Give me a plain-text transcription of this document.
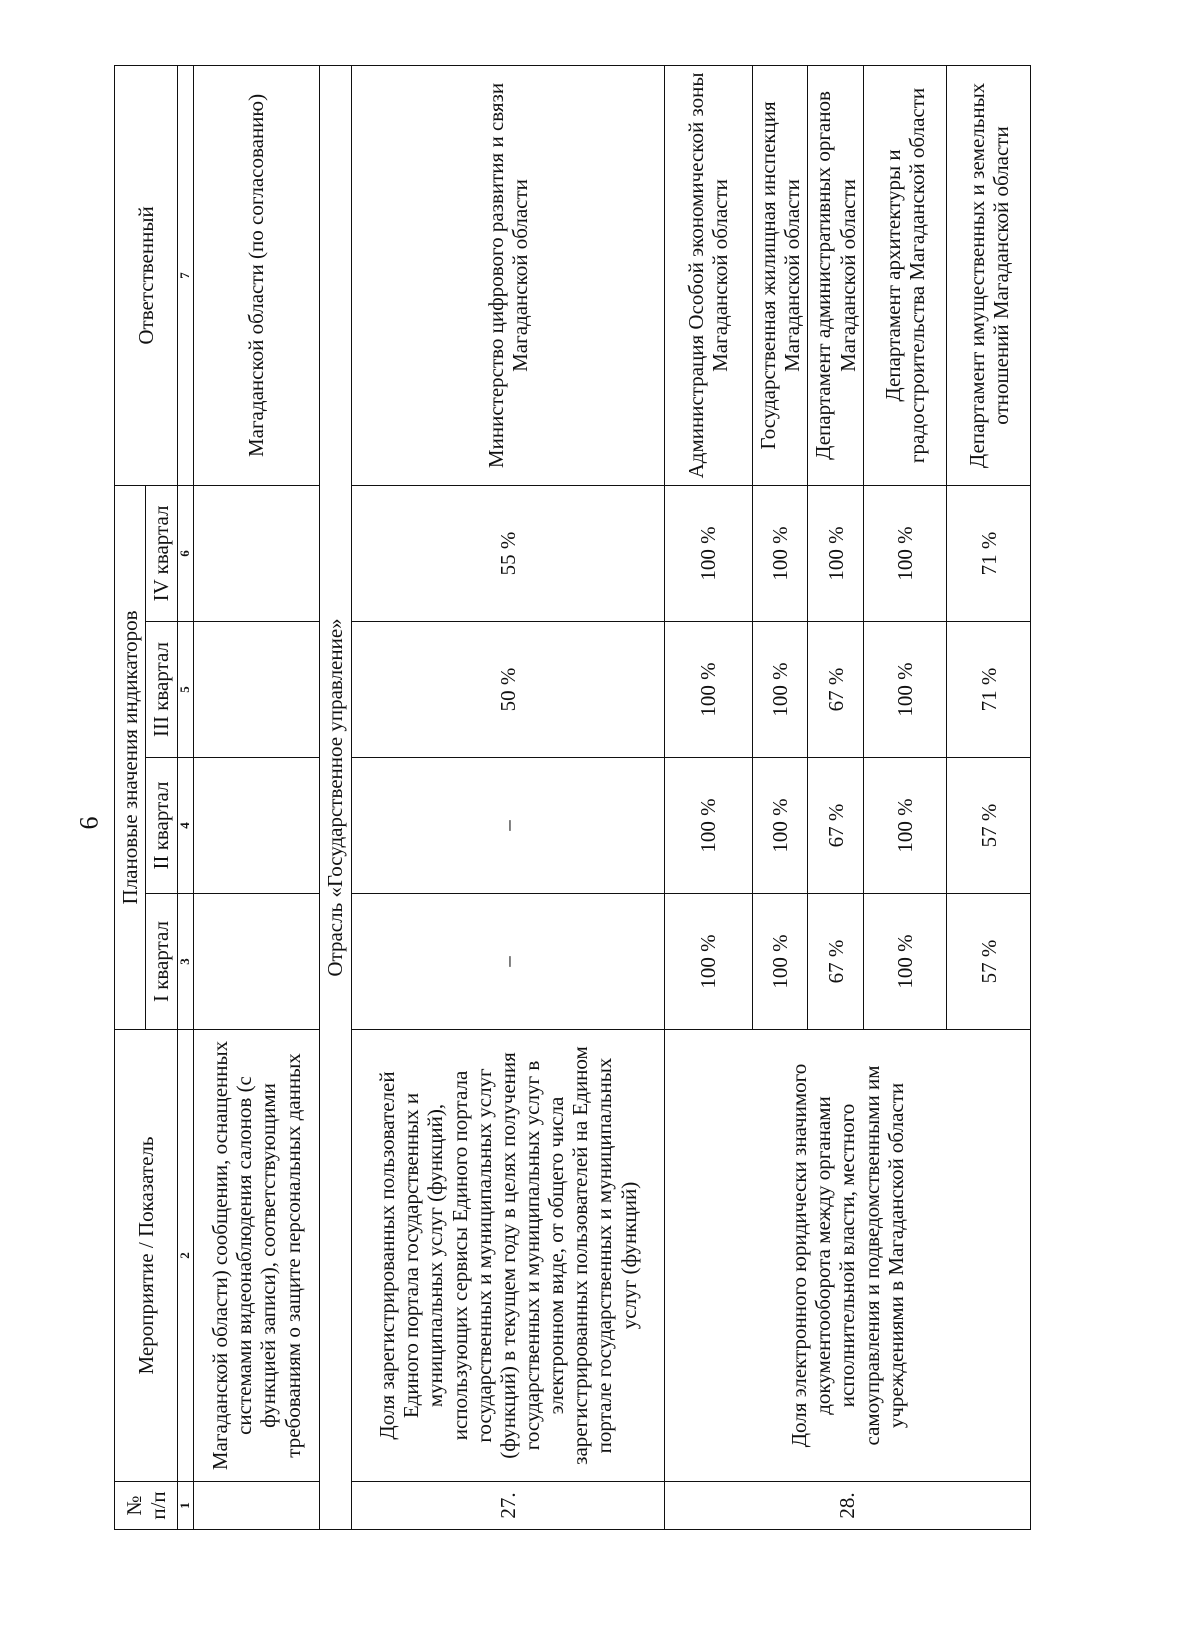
6
№ п/п	Мероприятие / Показатель	Плановые значения индикаторов				Ответственный
		I квартал	II квартал	III квартал	IV квартал	
1	2	3	4	5	6	7
	Магаданской области) сообщении, оснащенных системами видеонаблюдения салонов (с функцией записи), соответствующими требованиям о защите персональных данных					Магаданской области (по согласованию)
Отрасль «Государственное управление»						
27.	Доля зарегистрированных пользователей Единого портала государственных и муниципальных услуг (функций), использующих сервисы Единого портала государственных и муниципальных услуг (функций) в текущем году в целях получения государственных и муниципальных услуг в электронном виде, от общего числа зарегистрированных пользователей на Едином портале государственных и муниципальных услуг (функций)	–	–	50 %	55 %	Министерство цифрового развития и связи Магаданской области
28.	Доля электронного юридически значимого документооборота между органами исполнительной власти, местного самоуправления и подведомственными им учреждениями в Магаданской области	100 %	100 %	100 %	100 %	Администрация Особой экономической зоны Магаданской области
		100 %	100 %	100 %	100 %	Государственная жилищная инспекция Магаданской области
		67 %	67 %	67 %	100 %	Департамент административных органов Магаданской области
		100 %	100 %	100 %	100 %	Департамент архитектуры и градостроительства Магаданской области
		57 %	57 %	71 %	71 %	Департамент имущественных и земельных отношений Магаданской области
